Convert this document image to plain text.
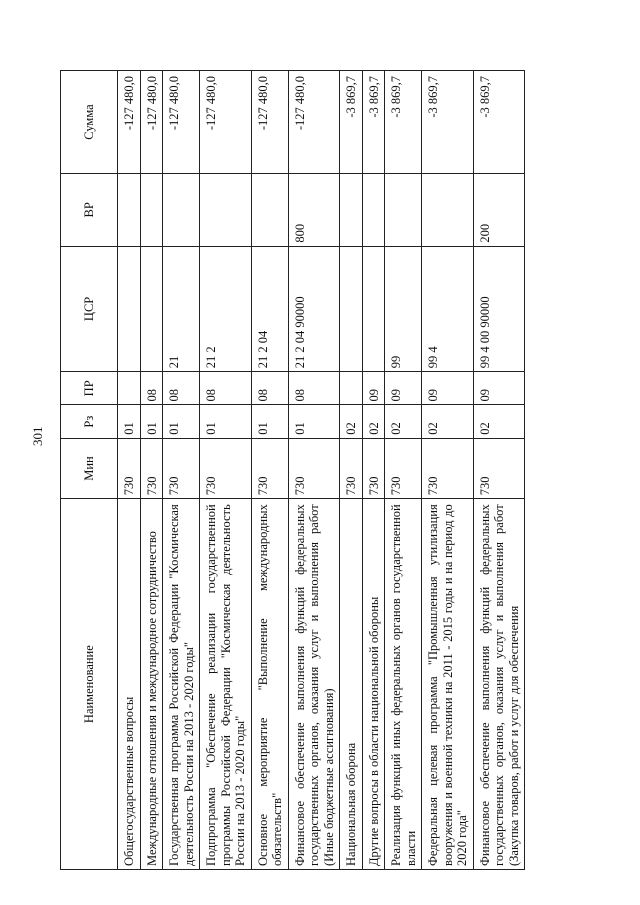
301
Наименование	Мин	Рз	ПР	ЦСР	ВР	Сумма
Общегосударственные вопросы	730	01				-127 480,0
Международные отношения и международное сотрудничество	730	01	08			-127 480,0
Государственная программа Российской Федерации "Космическая деятельность России на 2013 - 2020 годы"	730	01	08	21		-127 480,0
Подпрограмма "Обеспечение реализации государственной программы Российской Федерации "Космическая деятельность России на 2013 - 2020 годы"	730	01	08	21 2		-127 480,0
Основное мероприятие "Выполнение международных обязательств"	730	01	08	21 2 04		-127 480,0
Финансовое обеспечение выполнения функций федеральных государственных органов, оказания услуг и выполнения работ (Иные бюджетные ассигнования)	730	01	08	21 2 04 90000	800	-127 480,0
Национальная оборона	730	02				-3 869,7
Другие вопросы в области национальной обороны	730	02	09			-3 869,7
Реализация функций иных федеральных органов государственной власти	730	02	09	99		-3 869,7
Федеральная целевая программа "Промышленная утилизация вооружения и военной техники на 2011 - 2015 годы и на период до 2020 года"	730	02	09	99 4		-3 869,7
Финансовое обеспечение выполнения функций федеральных государственных органов, оказания услуг и выполнения работ (Закупка товаров, работ и услуг для обеспечения	730	02	09	99 4 00 90000	200	-3 869,7
